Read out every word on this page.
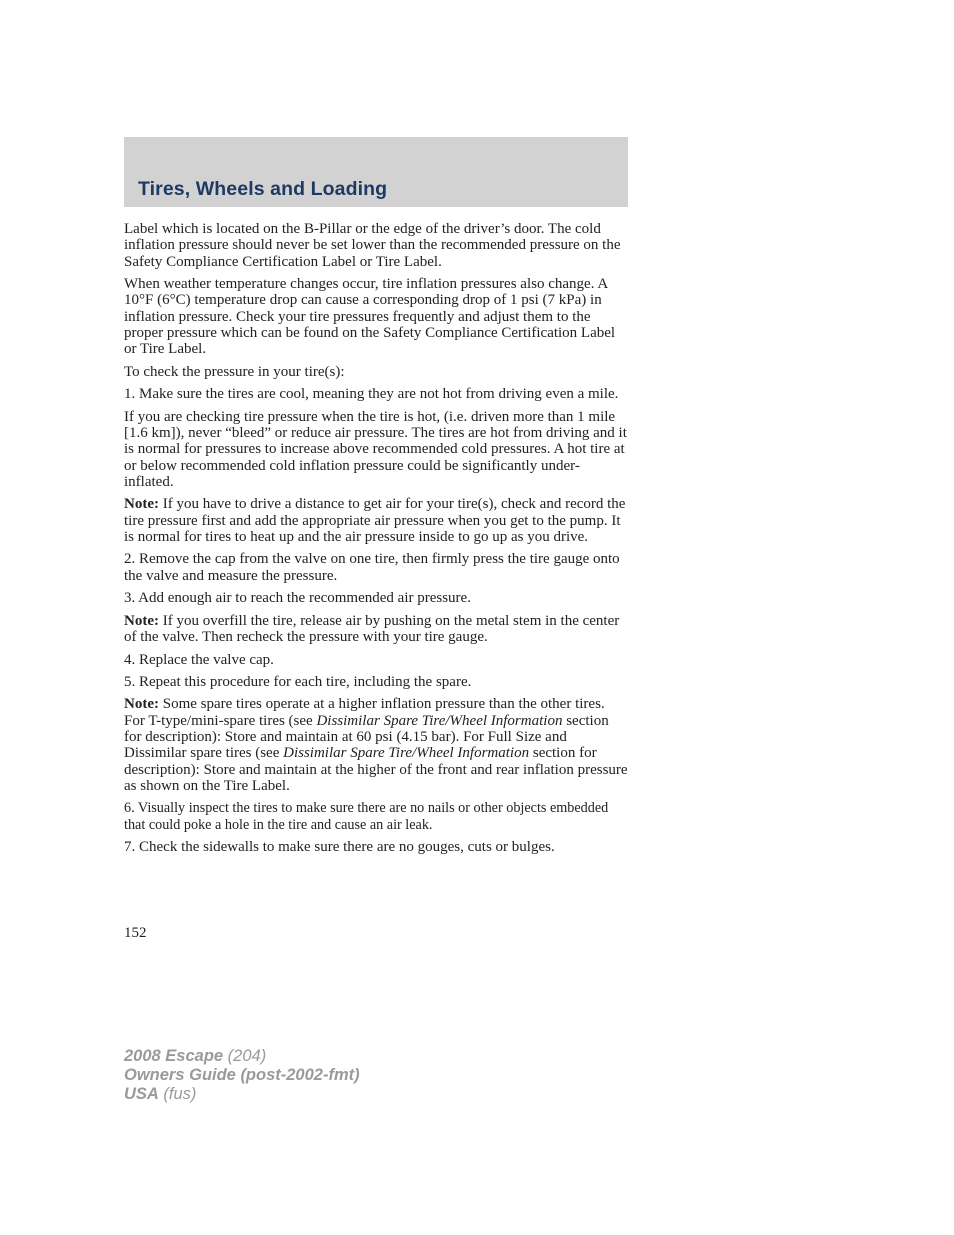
Tires, Wheels and Loading

Label which is located on the B-Pillar or the edge of the driver’s door. The cold inflation pressure should never be set lower than the recommended pressure on the Safety Compliance Certification Label or Tire Label.

When weather temperature changes occur, tire inflation pressures also change. A 10°F (6°C) temperature drop can cause a corresponding drop of 1 psi (7 kPa) in inflation pressure. Check your tire pressures frequently and adjust them to the proper pressure which can be found on the Safety Compliance Certification Label or Tire Label.

To check the pressure in your tire(s):

1. Make sure the tires are cool, meaning they are not hot from driving even a mile.

If you are checking tire pressure when the tire is hot, (i.e. driven more than 1 mile [1.6 km]), never “bleed” or reduce air pressure. The tires are hot from driving and it is normal for pressures to increase above recommended cold pressures. A hot tire at or below recommended cold inflation pressure could be significantly under-inflated.

Note: If you have to drive a distance to get air for your tire(s), check and record the tire pressure first and add the appropriate air pressure when you get to the pump. It is normal for tires to heat up and the air pressure inside to go up as you drive.

2. Remove the cap from the valve on one tire, then firmly press the tire gauge onto the valve and measure the pressure.

3. Add enough air to reach the recommended air pressure.

Note: If you overfill the tire, release air by pushing on the metal stem in the center of the valve. Then recheck the pressure with your tire gauge.

4. Replace the valve cap.

5. Repeat this procedure for each tire, including the spare.

Note: Some spare tires operate at a higher inflation pressure than the other tires. For T-type/mini-spare tires (see Dissimilar Spare Tire/Wheel Information section for description): Store and maintain at 60 psi (4.15 bar). For Full Size and Dissimilar spare tires (see Dissimilar Spare Tire/Wheel Information section for description): Store and maintain at the higher of the front and rear inflation pressure as shown on the Tire Label.

6. Visually inspect the tires to make sure there are no nails or other objects embedded that could poke a hole in the tire and cause an air leak.

7. Check the sidewalls to make sure there are no gouges, cuts or bulges.

152
2008 Escape (204)
Owners Guide (post-2002-fmt)
USA (fus)
